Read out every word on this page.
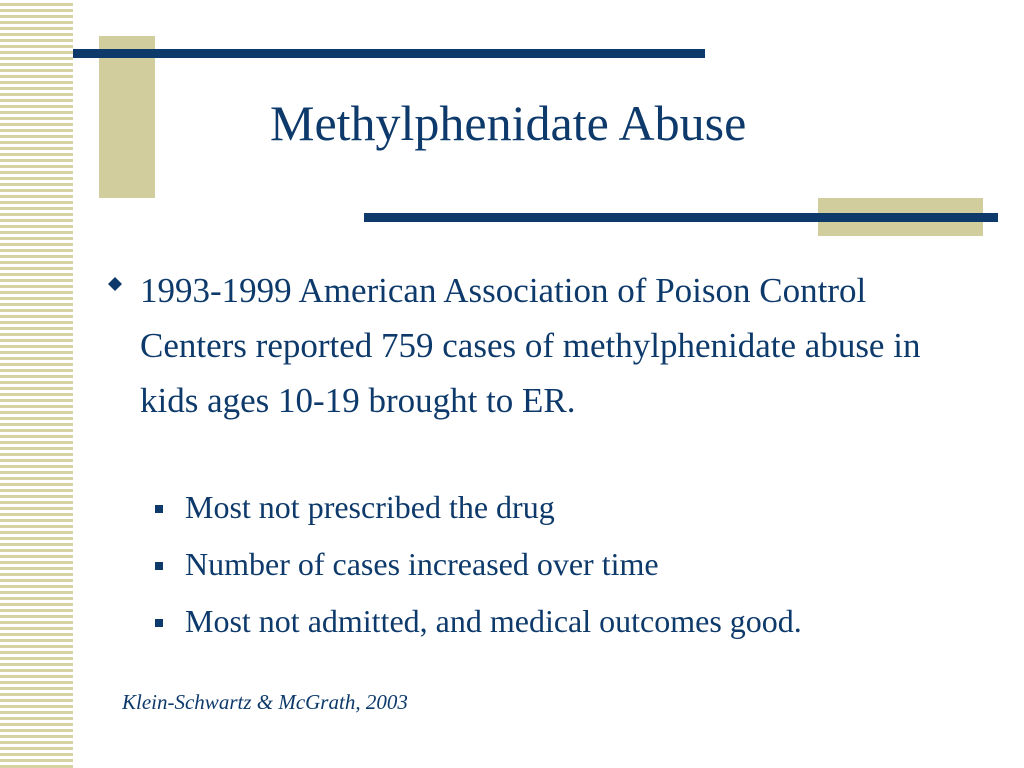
Methylphenidate Abuse
1993-1999 American Association of Poison Control Centers reported 759 cases of methylphenidate abuse in kids ages 10-19 brought to ER.
Most not prescribed the drug
Number of cases increased over time
Most not admitted, and medical outcomes good.
Klein-Schwartz & McGrath, 2003
